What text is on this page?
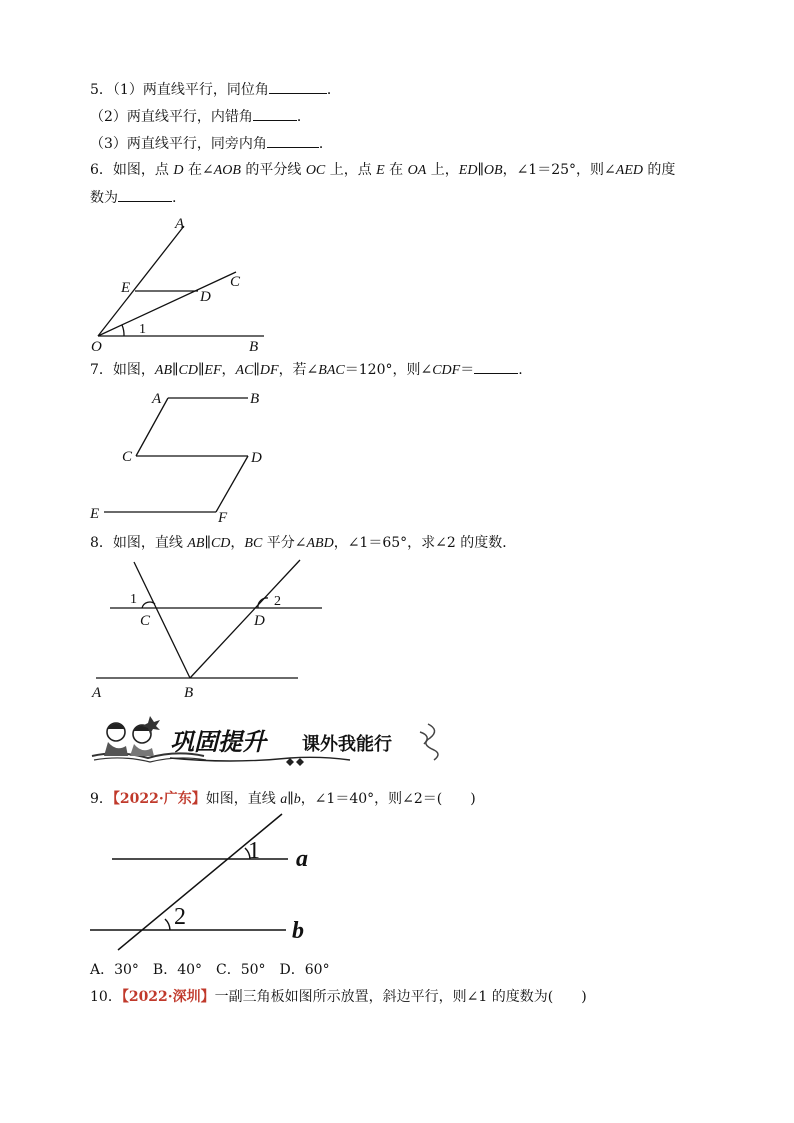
5．（1）两直线平行，同位角	．
（2）两直线平行，内错角	．
（3）两直线平行，同旁内角	．
6．如图，点 D 在∠AOB 的平分线 OC 上，点 E 在 OA 上，ED∥OB，∠1＝25°，则∠AED 的度
数为	.
A
E
D
C
O	B
1
7．如图，AB∥CD∥EF，AC∥DF，若∠BAC＝120°，则∠CDF＝	.
A	B
C	D
E	F
8．如图，直线 AB∥CD，BC 平分∠ABD，∠1＝65°，求∠2 的度数．
1	2
C	D
A	B
巩固提升 课外我能行
9．【2022·广东】如图，直线 a∥b，∠1＝40°，则∠2＝(　　)
1
2
a
b
A．30°　B．40°　C．50°　D．60°
10．【2022·深圳】一副三角板如图所示放置，斜边平行，则∠1 的度数为(　　)
